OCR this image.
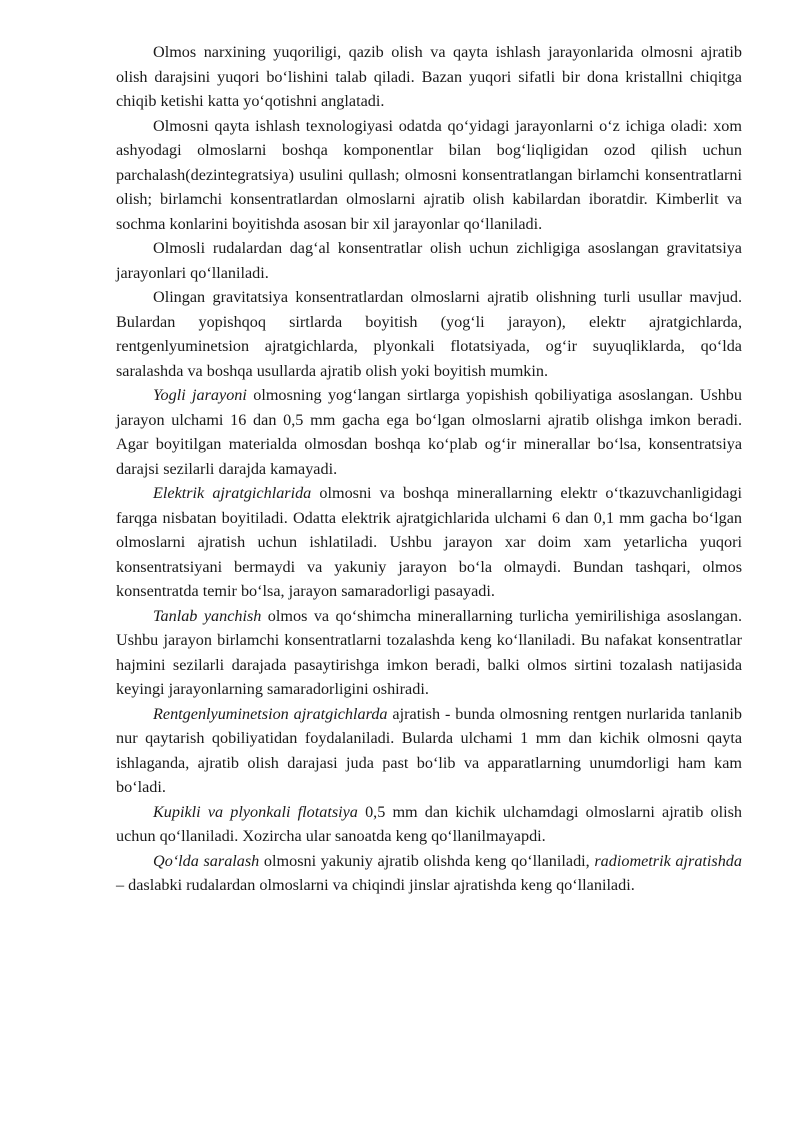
Olmos narxining yuqoriligi, qazib olish va qayta ishlash jarayonlarida olmosni ajratib olish darajsini yuqori bo‘lishini talab qiladi. Bazan yuqori sifatli bir dona kristallni chiqitga chiqib ketishi katta yo‘qotishni anglatadi.

Olmosni qayta ishlash texnologiyasi odatda qo‘yidagi jarayonlarni o‘z ichiga oladi: xom ashyodagi olmoslarni boshqa komponentlar bilan bog‘liqligidan ozod qilish uchun parchalash(dezintegratsiya) usulini qullash; olmosni konsentratlangan birlamchi konsentratlarni olish; birlamchi konsentratlardan olmoslarni ajratib olish kabilardan iboratdir. Kimberlit va sochma konlarini boyitishda asosan bir xil jarayonlar qo‘llaniladi.

Olmosli rudalardan dag‘al konsentratlar olish uchun zichligiga asoslangan gravitatsiya jarayonlari qo‘llaniladi.

Olingan gravitatsiya konsentratlardan olmoslarni ajratib olishning turli usullar mavjud. Bulardan yopishqoq sirtlarda boyitish (yog‘li jarayon), elektr ajratgichlarda, rentgenlyuminetsion ajratgichlarda, plyonkali flotatsiyada, og‘ir suyuqliklarda, qo‘lda saralashda va boshqa usullarda ajratib olish yoki boyitish mumkin.

Yogli jarayoni olmosning yog‘langan sirtlarga yopishish qobiliyatiga asoslangan. Ushbu jarayon ulchami 16 dan 0,5 mm gacha ega bo‘lgan olmoslarni ajratib olishga imkon beradi. Agar boyitilgan materialda olmosdan boshqa ko‘plab og‘ir minerallar bo‘lsa, konsentratsiya darajsi sezilarli darajda kamayadi.

Elektrik ajratgichlarida olmosni va boshqa minerallarning elektr o‘tkazuvchanligidagi farqga nisbatan boyitiladi. Odatta elektrik ajratgichlarida ulchami 6 dan 0,1 mm gacha bo‘lgan olmoslarni ajratish uchun ishlatiladi. Ushbu jarayon xar doim xam yetarlicha yuqori konsentratsiyani bermaydi va yakuniy jarayon bo‘la olmaydi. Bundan tashqari, olmos konsentratda temir bo‘lsa, jarayon samaradorligi pasayadi.

Tanlab yanchish olmos va qo‘shimcha minerallarning turlicha yemirilishiga asoslangan. Ushbu jarayon birlamchi konsentratlarni tozalashda keng ko‘llaniladi. Bu nafakat konsentratlar hajmini sezilarli darajada pasaytirishga imkon beradi, balki olmos sirtini tozalash natijasida keyingi jarayonlarning samaradorligini oshiradi.

Rentgenlyuminetsion ajratgichlarda ajratish - bunda olmosning rentgen nurlarida tanlanib nur qaytarish qobiliyatidan foydalaniladi. Bularda ulchami 1 mm dan kichik olmosni qayta ishlaganda, ajratib olish darajasi juda past bo‘lib va apparatlarning unumdorligi ham kam bo‘ladi.

Kupikli va plyonkali flotatsiya 0,5 mm dan kichik ulchamdagi olmoslarni ajratib olish uchun qo‘llaniladi. Xozircha ular sanoatda keng qo‘llanilmayapdi.

Qo‘lda saralash olmosni yakuniy ajratib olishda keng qo‘llaniladi, radiometrik ajratishda – daslabki rudalardan olmoslarni va chiqindi jinslar ajratishda keng qo‘llaniladi.
